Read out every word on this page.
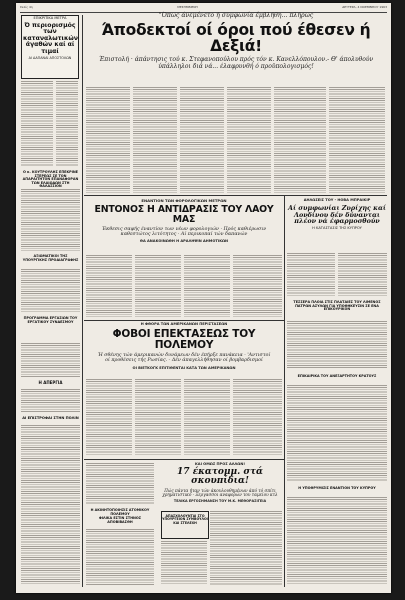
Σελίς 4η	ΜΕΣΗΜΒΡΙΝΗ	ΔΕΥΤΕΡΑ, 4 ΝΟΕΜΒΡΙΟΥ 1963
ΕΠΙΚΡΙΤΙΚΑ ΜΕΤΡΑ
Ό περιορισμός των καταναλωτικών άγαθών καί αί τιμαί
ΑΙ ΔΑΠΑΝΑΙ ΑΠΟΣΤΟΛΩΝ
Ο κ. ΚΟΥΤΡΟΥΛΗΣ ΕΠΕΚΡΙΝΕ ΣΤΕΡΕΩΣ ΣΕ ΤΟΝ ΑΠΑΡΑΙΤΗΤΟΝ ΕΠΑΝΑΦΟΡΑΝ ΤΩΝ ΕΛΑΙΩΔΩΝ ΣΤΗ ΘΑΛΑΣΣΙΟΝ
ΑΞΙΩΜΑΤΙΚΟΙ ΤΗΣ ΥΠΟΥΡΓΙΚΗΣ ΠΡΟΔΙΑΓΡΑΦΗΣ
ΠΡΟΓΡΑΜΜΑ ΕΡΓΑΣΙΩΝ ΤΟΥ ΕΡΓΑΤΙΚΟΥ ΣΥΝΔΕΣΜΟΥ
Η ΑΠΕΡΓΙΑ
ΑΙ ΕΠΙΣΤΡΟΦΑΙ ΣΤΗΝ ΠΟΛΙΝ
"Όπως άνεμένετο ή συμφωνία έμβλήθη... πλήρως
Άποδεκτοί οί όροι πού έθεσεν ή Δεξιά!
Έπιστολή · άπάντησις τού κ. Στεφανοπούλου πρός τόν κ. Κανελλόπουλον.- Θ' άπολυθούν ύπάλληλοι διά νά... έλαφρυνθή ό προϋπολογισμός!
ΕΝΑΝΤΙΟΝ ΤΩΝ ΦΟΡΟΛΟΓΙΚΩΝ ΜΕΤΡΩΝ
ΕΝΤΟΝΟΣ Η ΑΝΤΙΔΡΑΣΙΣ ΤΟΥ ΛΑΟΥ ΜΑΣ
Έκθεσις σαφής έναντίον των νέων φορολογιών · Πρός καθιέρωσιν καθεστώτος λιτότητος · Αί περικοπαί τών δαπανών
ΘΑ ΑΝΑΚΟΙΝΩΘΗ Η ΑΡΑΛΗΨΙΝ ΔΗΜΟΤΙΚΩΝ
ΔΗΛΩΣΕΙΣ ΤΟΥ - ΗΟΒΑ ΜΠΡΑΙΚΙΡ
Αί συμφωνίαι Ζυρίχης καί Λονδίνου δέν δύνανται πλέον νά έφαρμοσθούν
Η ΚΑΤΑΣΤΑΣΙΣ ΤΗΣ ΚΥΠΡΟΥ
ΤΕΣΣΕΡΑ ΠΛΟΙΑ ΣΤΙΣ ΠΛΑΤΑΙΕΣ ΤΟΥ ΛΙΜΕΝΟΣ ΠΑΤΡΩΝ ΑΣΥΛΩΝ ΓΙΑ ΥΠΟΘΗΚΕΥΣΙΝ ΣΕ ΕΝΑ ΕΠΙΚΟΥΡΙΚΟΝ
Η ΦΘΟΡΑ ΤΩΝ ΑΜΕΡΙΚΑΝΩΝ ΠΕΡΙΣΤΑΣΕΩΝ
ΦΟΒΟΙ ΕΠΕΚΤΑΣΕΩΣ ΤΟΥ ΠΟΛΕΜΟΥ
Ή σθένης τών άμερικανών δυνάμεων δέν έπήρξε πανάκεια · 'Αντιστοί οί προθέσεις τής Ρωσίας. - Δέν άπαγελλήθησαν οί βομβαρδισμοί
ΟΙ ΒΙΕΤΚΟΓΚ ΕΠΙΤΙΘΕΝΤΑΙ ΚΑΤΑ ΤΩΝ ΑΜΕΡΙΚΑΝΩΝ
ΕΠΙΚΑΙΡΙΚΑ ΤΟΥ ΑΝΕΞΑΡΤΗΤΟΥ ΚΡΑΤΟΥΣ
Η ΥΠΟΘΡΥΜΙΣΙΣ ΕΝΑΝΤΙΟΝ ΤΟΥ ΚΥΠΡΟΥ
Η ΑΚΙΝΗΤΟΠΟΙΗΣΙΣ ΑΤΟΜΙΚΟΥ ΠΟΛΕΜΟΥ
ΚΑΙ ΟΜΩΣ ΠΡΟΣ ΑΛΛΩΝ!
17 έκατομμ. στά σκουπίδια!
Πώς πάντα ήταν τών άκουλουθημένων άπό τό σπίτι χρηματιστικό - Ξεργασσοι αναφορών του ταμείου κτλ
ΤΕΛΙΚΑ ΕΡΓΟΣΗΜΑΝΣΗ ΤΟΥ Μ.Κ. ΜΕΘΟΡΑΣΙΓΕΙΑ
ΑΠΑΣΧΟΛΟΥΝΤΑΙ ΣΤΟ ΥΠΟΥΡΓΕΙΟΝ ΣΥΜΒΟΥΛΟΙ ΚΑΙ ΣΤΕΛΕΧΗ
ΦΙΛΙΚΑ ΕΣΤΙΝ ΣΤΗΝΟΣ ΑΠΟΒΙΒΑΣΘΗ
